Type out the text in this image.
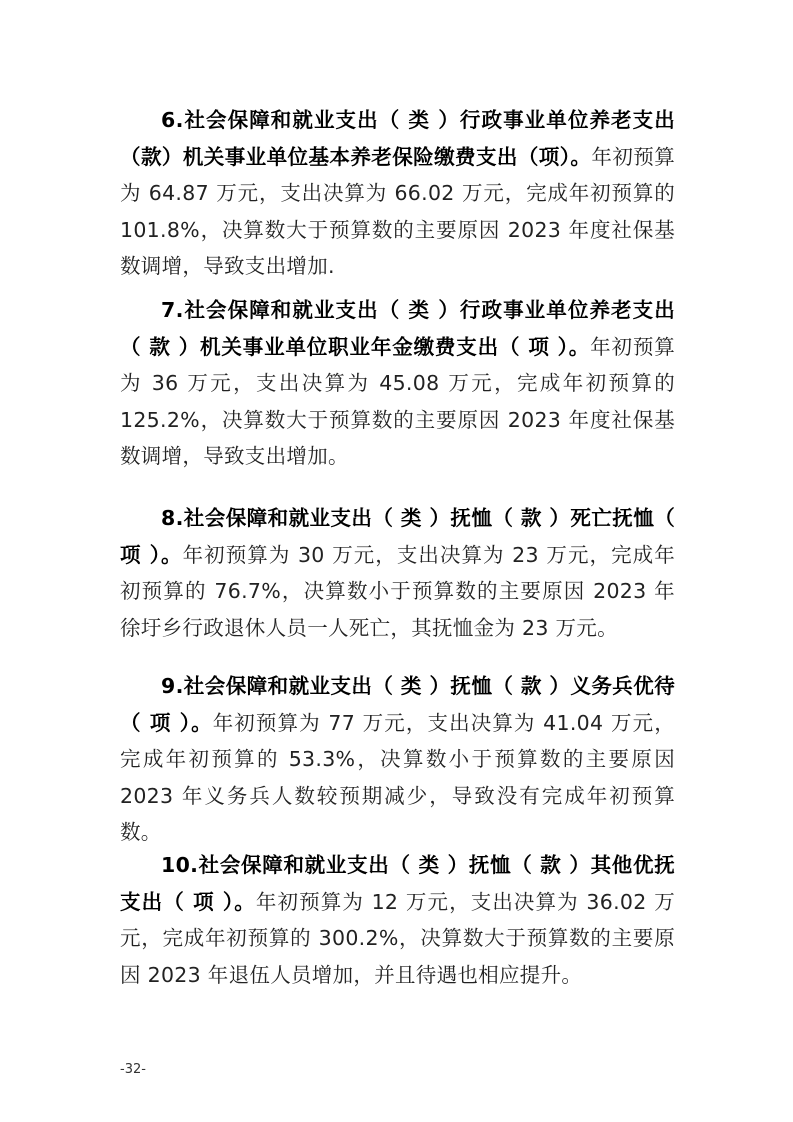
6.社会保障和就业支出（ 类 ）行政事业单位养老支出（款）机关事业单位基本养老保险缴费支出（项）。年初预算为 64.87 万元，支出决算为 66.02 万元，完成年初预算的 101.8%，决算数大于预算数的主要原因 2023 年度社保基数调增，导致支出增加.

7.社会保障和就业支出（ 类 ）行政事业单位养老支出（ 款 ）机关事业单位职业年金缴费支出（ 项 ）。年初预算为 36 万元，支出决算为 45.08 万元，完成年初预算的 125.2%，决算数大于预算数的主要原因 2023 年度社保基数调增，导致支出增加。

8.社会保障和就业支出（ 类 ）抚恤（ 款 ）死亡抚恤（ 项 ）。年初预算为 30 万元，支出决算为 23 万元，完成年初预算的 76.7%，决算数小于预算数的主要原因 2023 年徐圩乡行政退休人员一人死亡，其抚恤金为 23 万元。

9.社会保障和就业支出（ 类 ）抚恤（ 款 ）义务兵优待（ 项 ）。年初预算为 77 万元，支出决算为 41.04 万元，完成年初预算的 53.3%，决算数小于预算数的主要原因 2023 年义务兵人数较预期减少，导致没有完成年初预算数。

10.社会保障和就业支出（ 类 ）抚恤（ 款 ）其他优抚支出（ 项 ）。年初预算为 12 万元，支出决算为 36.02 万元，完成年初预算的 300.2%，决算数大于预算数的主要原因 2023 年退伍人员增加，并且待遇也相应提升。

-32-
